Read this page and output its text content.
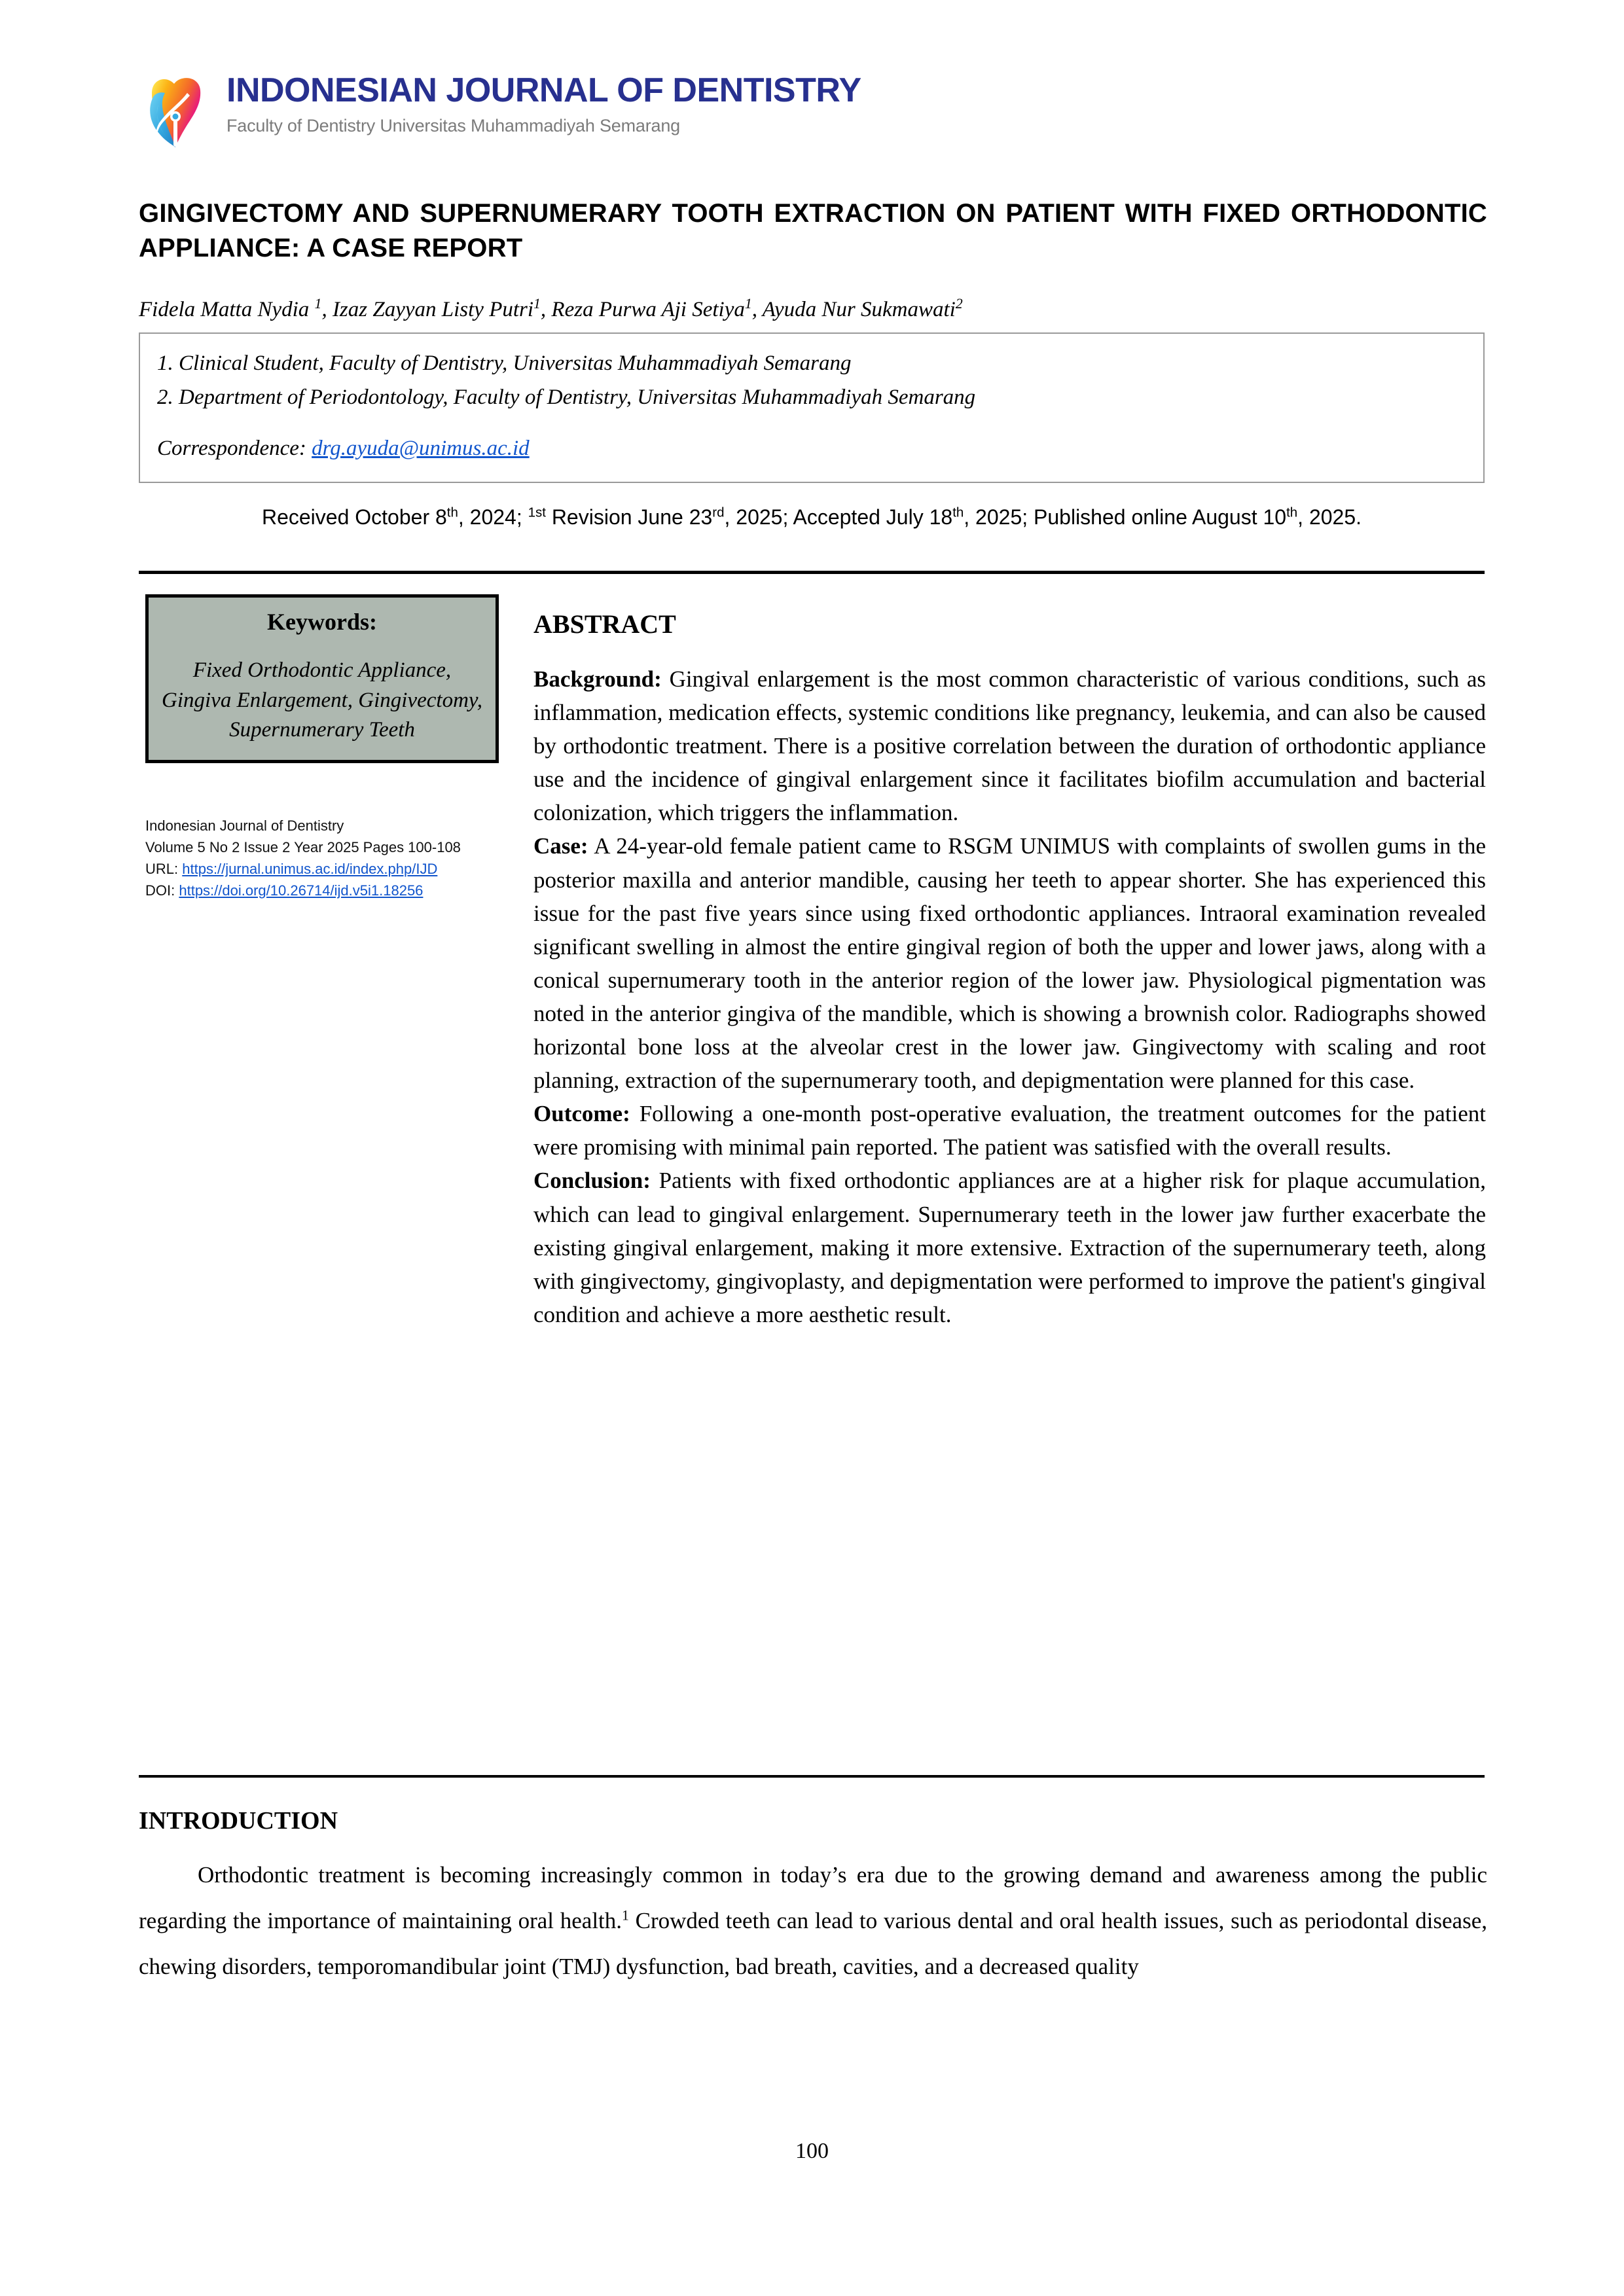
INDONESIAN JOURNAL OF DENTISTRY
Faculty of Dentistry Universitas Muhammadiyah Semarang
GINGIVECTOMY AND SUPERNUMERARY TOOTH EXTRACTION ON PATIENT WITH FIXED ORTHODONTIC APPLIANCE: A CASE REPORT
Fidela Matta Nydia $^1$, Izaz Zayyan Listy Putri$^1$, Reza Purwa Aji Setiya$^1$, Ayuda Nur Sukmawati$^2$
1. Clinical Student, Faculty of Dentistry, Universitas Muhammadiyah Semarang
2. Department of Periodontology, Faculty of Dentistry, Universitas Muhammadiyah Semarang
Correspondence: drg.ayuda@unimus.ac.id
Received October 8th, 2024; $^{1st}$ Revision June 23rd, 2025; Accepted July 18th, 2025; Published online August 10th, 2025.
Keywords:
Fixed Orthodontic Appliance, Gingiva Enlargement, Gingivectomy, Supernumerary Teeth
Indonesian Journal of Dentistry
Volume 5 No 2 Issue 2 Year 2025 Pages 100-108
URL: https://jurnal.unimus.ac.id/index.php/IJD
DOI: https://doi.org/10.26714/ijd.v5i1.18256
ABSTRACT

Background: Gingival enlargement is the most common characteristic of various conditions, such as inflammation, medication effects, systemic conditions like pregnancy, leukemia, and can also be caused by orthodontic treatment. There is a positive correlation between the duration of orthodontic appliance use and the incidence of gingival enlargement since it facilitates biofilm accumulation and bacterial colonization, which triggers the inflammation.

Case: A 24-year-old female patient came to RSGM UNIMUS with complaints of swollen gums in the posterior maxilla and anterior mandible, causing her teeth to appear shorter. She has experienced this issue for the past five years since using fixed orthodontic appliances. Intraoral examination revealed significant swelling in almost the entire gingival region of both the upper and lower jaws, along with a conical supernumerary tooth in the anterior region of the lower jaw. Physiological pigmentation was noted in the anterior gingiva of the mandible, which is showing a brownish color. Radiographs showed horizontal bone loss at the alveolar crest in the lower jaw. Gingivectomy with scaling and root planning, extraction of the supernumerary tooth, and depigmentation were planned for this case.

Outcome: Following a one-month post-operative evaluation, the treatment outcomes for the patient were promising with minimal pain reported. The patient was satisfied with the overall results.

Conclusion: Patients with fixed orthodontic appliances are at a higher risk for plaque accumulation, which can lead to gingival enlargement. Supernumerary teeth in the lower jaw further exacerbate the existing gingival enlargement, making it more extensive. Extraction of the supernumerary teeth, along with gingivectomy, gingivoplasty, and depigmentation were performed to improve the patient's gingival condition and achieve a more aesthetic result.

INTRODUCTION
Orthodontic treatment is becoming increasingly common in today’s era due to the growing demand and awareness among the public regarding the importance of maintaining oral health.$^1$ Crowded teeth can lead to various dental and oral health issues, such as periodontal disease, chewing disorders, temporomandibular joint (TMJ) dysfunction, bad breath, cavities, and a decreased quality
100
